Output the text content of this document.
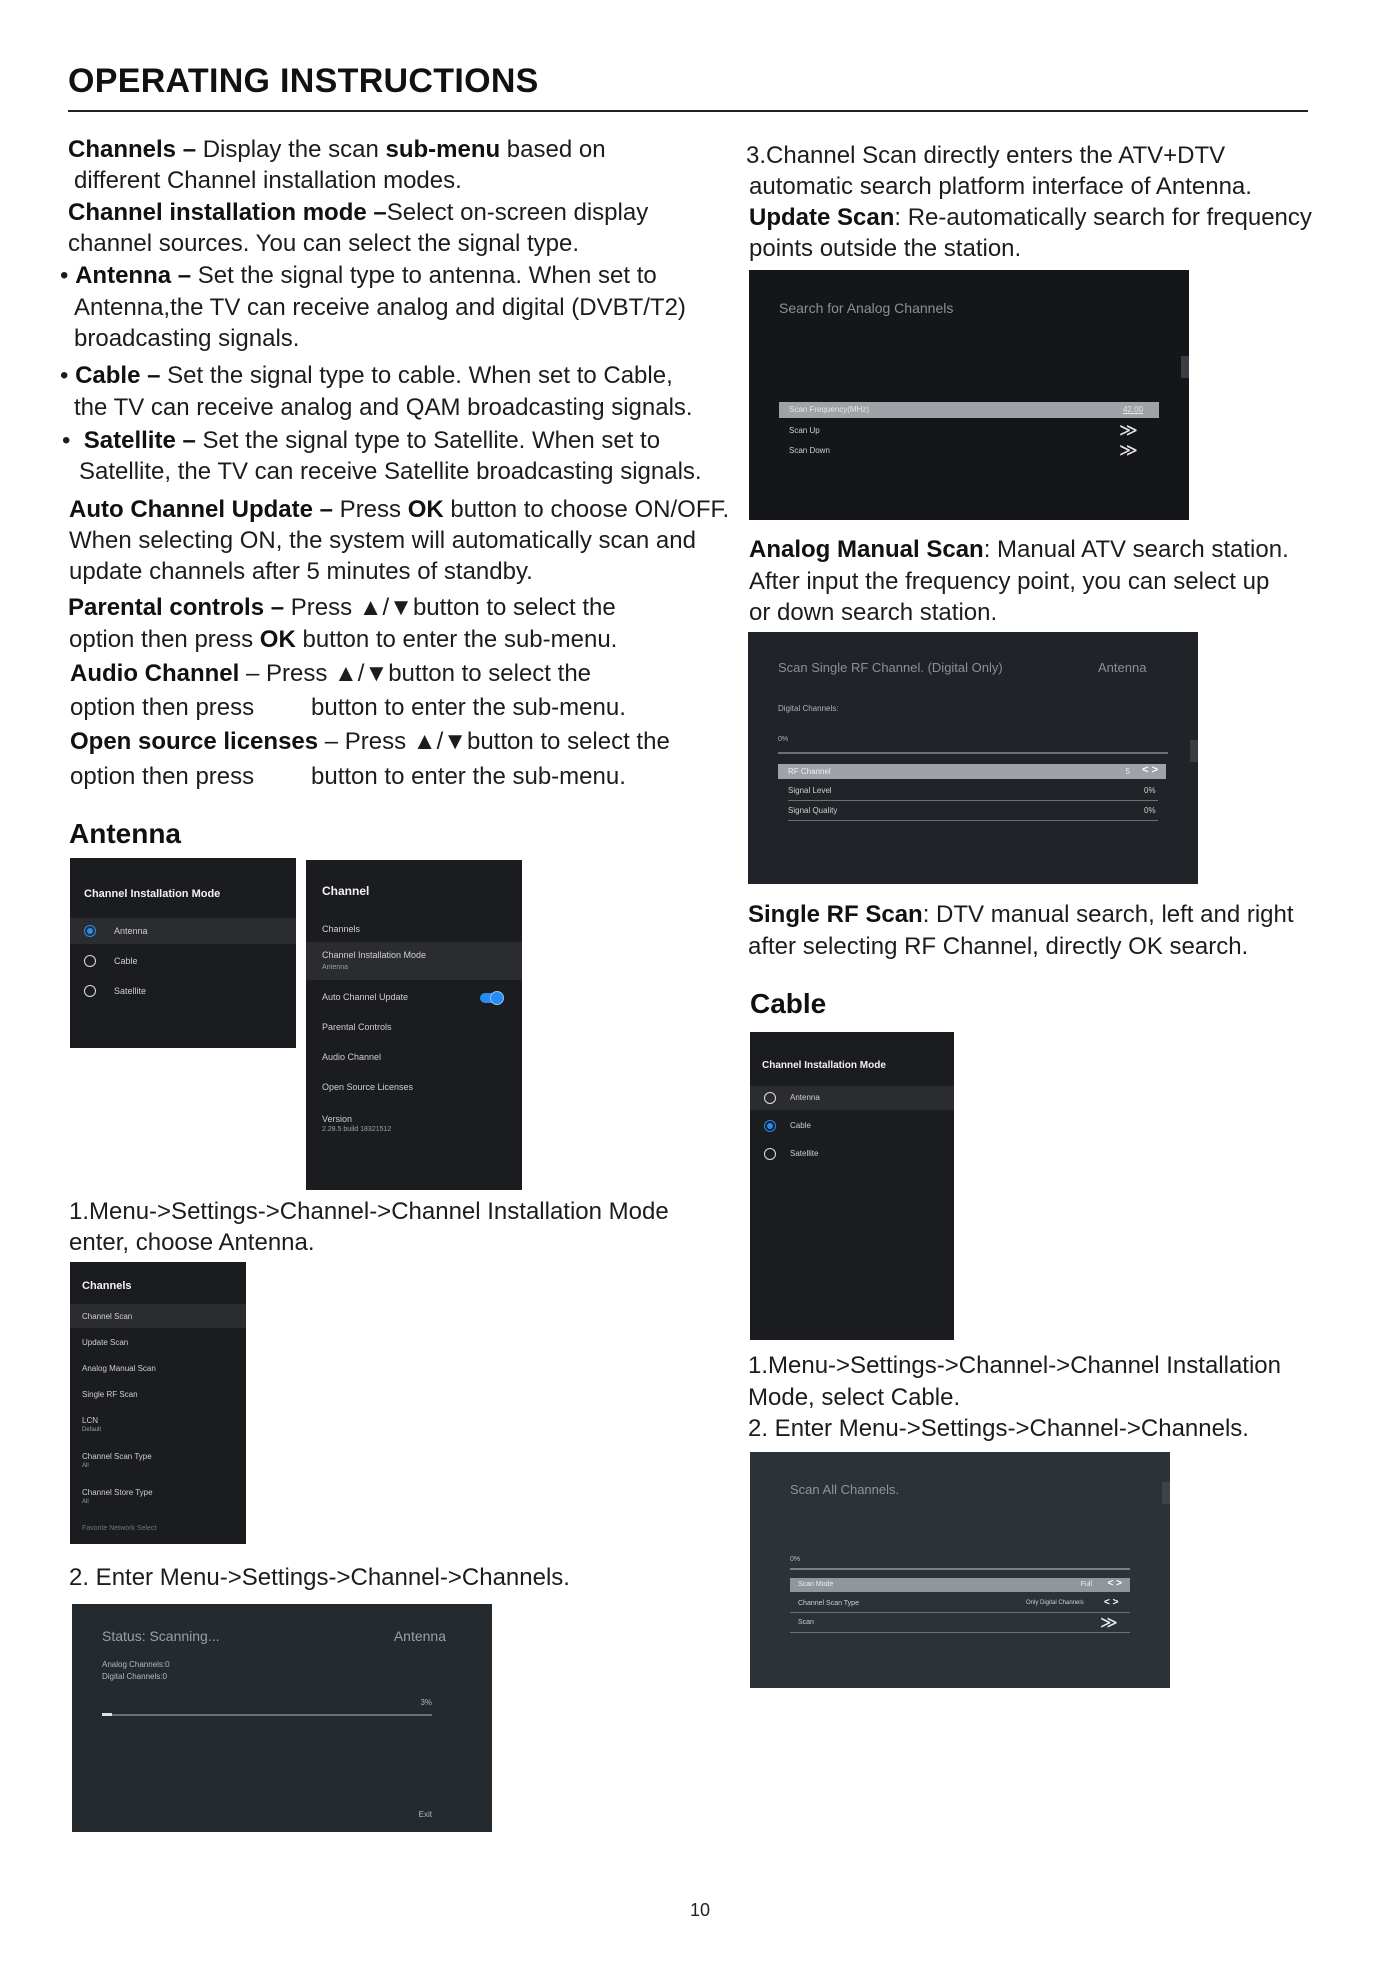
OPERATING INSTRUCTIONS
Channels – Display the scan sub-menu based on
different Channel installation modes.
Channel installation mode –Select on-screen display
channel sources. You can select the signal type.
• Antenna – Set the signal type to antenna. When set to
Antenna,the TV can receive analog and digital (DVBT/T2)
broadcasting signals.
• Cable – Set the signal type to cable. When set to Cable,
the TV can receive analog and QAM broadcasting signals.
•  Satellite – Set the signal type to Satellite. When set to
Satellite, the TV can receive Satellite broadcasting signals.
Auto Channel Update – Press OK button to choose ON/OFF.
When selecting ON, the system will automatically scan and
update channels after 5 minutes of standby.
Parental controls – Press ▲/▼button to select the
option then press OK button to enter the sub-menu.
Audio Channel – Press ▲/▼button to select the
option then press button to enter the sub-menu.
Open source licenses – Press ▲/▼button to select the
option then press button to enter the sub-menu.
Antenna
Channel Installation Mode
Antenna
Cable
Satellite
Channel
Channels
Channel Installation Mode
Antenna
Auto Channel Update
Parental Controls
Audio Channel
Open Source Licenses
Version
2.28.5 build 18321512
1.Menu->Settings->Channel->Channel Installation Mode
enter, choose Antenna.
Channels
Channel Scan
Update Scan
Analog Manual Scan
Single RF Scan
LCN
Default
Channel Scan Type
All
Channel Store Type
All
Favorite Network Select
2. Enter Menu->Settings->Channel->Channels.
Status: Scanning...	Antenna
Analog Channels:0
Digital Channels:0
3%
Exit
3.Channel Scan directly enters the ATV+DTV
automatic search platform interface of Antenna.
Update Scan: Re-automatically search for frequency
points outside the station.
Search for Analog Channels
Scan Frequency(MHz)	42.00
Scan Up	≫
Scan Down	≫
Analog Manual Scan: Manual ATV search station.
After input the frequency point, you can select up
or down search station.
Scan Single RF Channel. (Digital Only)	Antenna
Digital Channels:
0%
RF Channel	5 < >
Signal Level	0%
Signal Quality	0%
Single RF Scan: DTV manual search, left and right
after selecting RF Channel, directly OK search.
Cable
Channel Installation Mode
Antenna
Cable
Satellite
1.Menu->Settings->Channel->Channel Installation
Mode, select Cable.
2. Enter Menu->Settings->Channel->Channels.
Scan All Channels.
0%
Scan Mode	Full < >
Channel Scan Type	Only Digital Channels < >
Scan	≫
10
